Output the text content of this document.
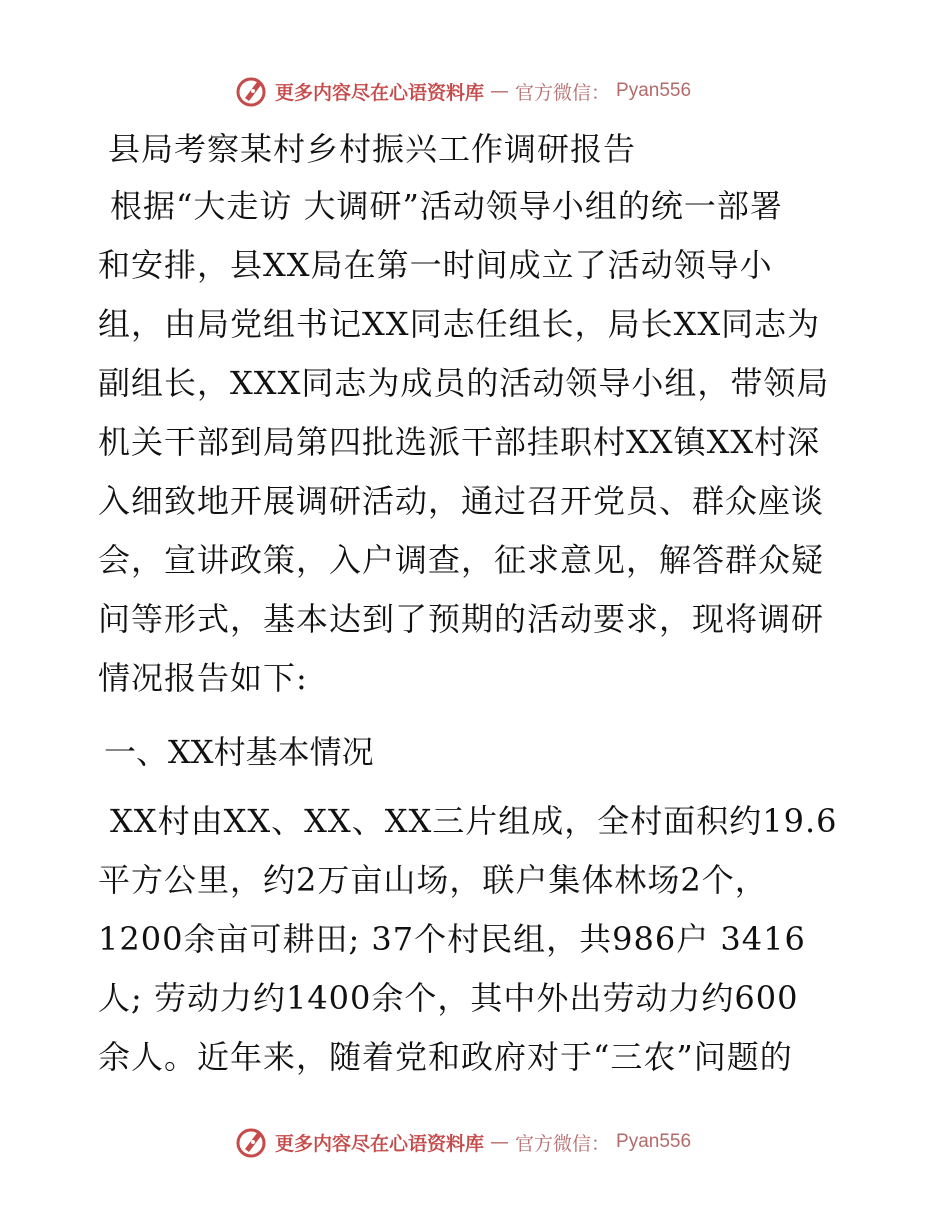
更多内容尽在心语资料库 — 官方微信： Pyan556
县局考察某村乡村振兴工作调研报告
根据“大走访 大调研”活动领导小组的统一部署
和安排，县XX局在第一时间成立了活动领导小
组，由局党组书记XX同志任组长，局长XX同志为
副组长，XXX同志为成员的活动领导小组，带领局
机关干部到局第四批选派干部挂职村XX镇XX村深
入细致地开展调研活动，通过召开党员、群众座谈
会，宣讲政策，入户调查，征求意见，解答群众疑
问等形式，基本达到了预期的活动要求，现将调研
情况报告如下:
一、XX村基本情况
XX村由XX、XX、XX三片组成，全村面积约19.6
平方公里，约2万亩山场，联户集体林场2个，
1200余亩可耕田; 37个村民组，共986户 3416
人; 劳动力约1400余个，其中外出劳动力约600
余人。近年来，随着党和政府对于“三农”问题的
更多内容尽在心语资料库 — 官方微信： Pyan556
